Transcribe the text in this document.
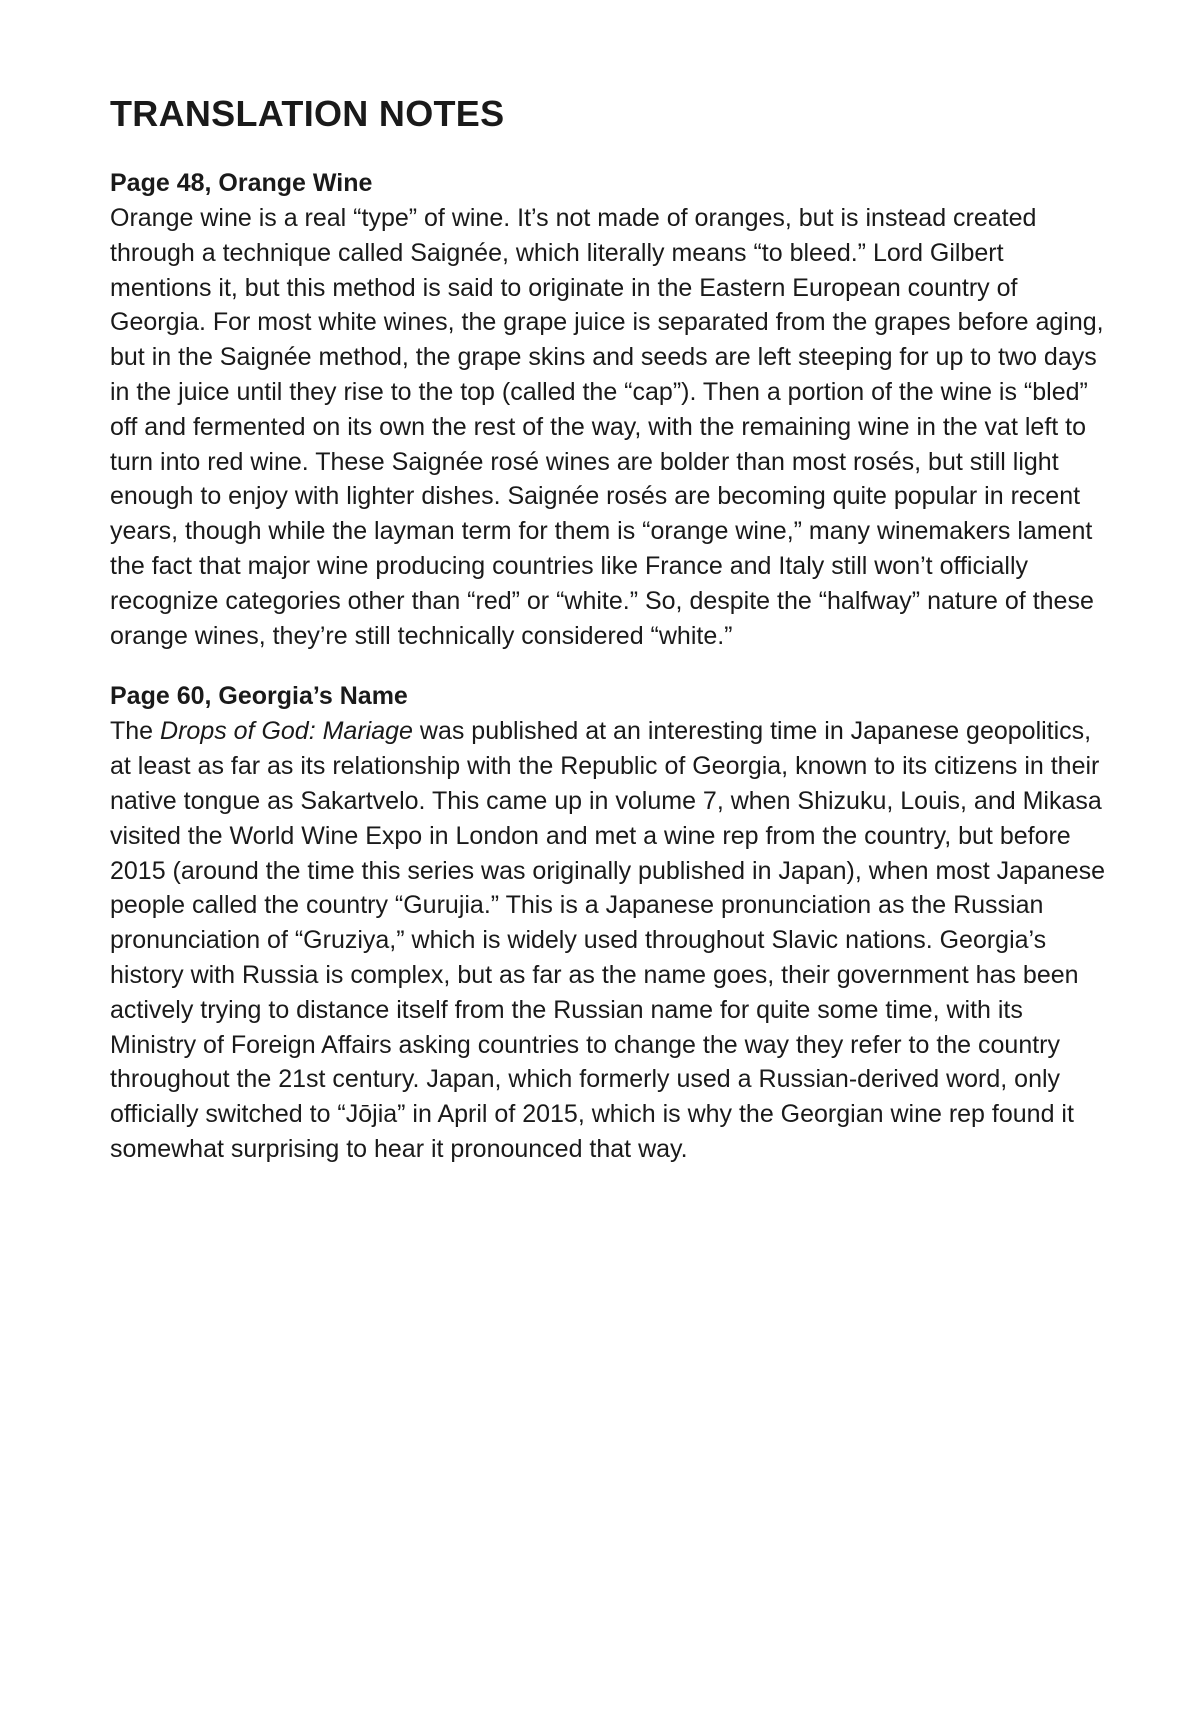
TRANSLATION NOTES
Page 48, Orange Wine

Orange wine is a real “type” of wine. It’s not made of oranges, but is instead created through a technique called Saignée, which literally means “to bleed.” Lord Gilbert mentions it, but this method is said to originate in the Eastern European country of Georgia. For most white wines, the grape juice is separated from the grapes before aging, but in the Saignée method, the grape skins and seeds are left steeping for up to two days in the juice until they rise to the top (called the “cap”). Then a portion of the wine is “bled” off and fermented on its own the rest of the way, with the remaining wine in the vat left to turn into red wine. These Saignée rosé wines are bolder than most rosés, but still light enough to enjoy with lighter dishes. Saignée rosés are becoming quite popular in recent years, though while the layman term for them is “orange wine,” many winemakers lament the fact that major wine producing countries like France and Italy still won’t officially recognize categories other than “red” or “white.” So, despite the “halfway” nature of these orange wines, they’re still technically considered “white.”

Page 60, Georgia’s Name

The Drops of God: Mariage was published at an interesting time in Japanese geopolitics, at least as far as its relationship with the Republic of Georgia, known to its citizens in their native tongue as Sakartvelo. This came up in volume 7, when Shizuku, Louis, and Mikasa visited the World Wine Expo in London and met a wine rep from the country, but before 2015 (around the time this series was originally published in Japan), when most Japanese people called the country “Gurujia.” This is a Japanese pronunciation as the Russian pronunciation of “Gruziya,” which is widely used throughout Slavic nations. Georgia’s history with Russia is complex, but as far as the name goes, their government has been actively trying to distance itself from the Russian name for quite some time, with its Ministry of Foreign Affairs asking countries to change the way they refer to the country throughout the 21st century. Japan, which formerly used a Russian-derived word, only officially switched to “Jōjia” in April of 2015, which is why the Georgian wine rep found it somewhat surprising to hear it pronounced that way.
